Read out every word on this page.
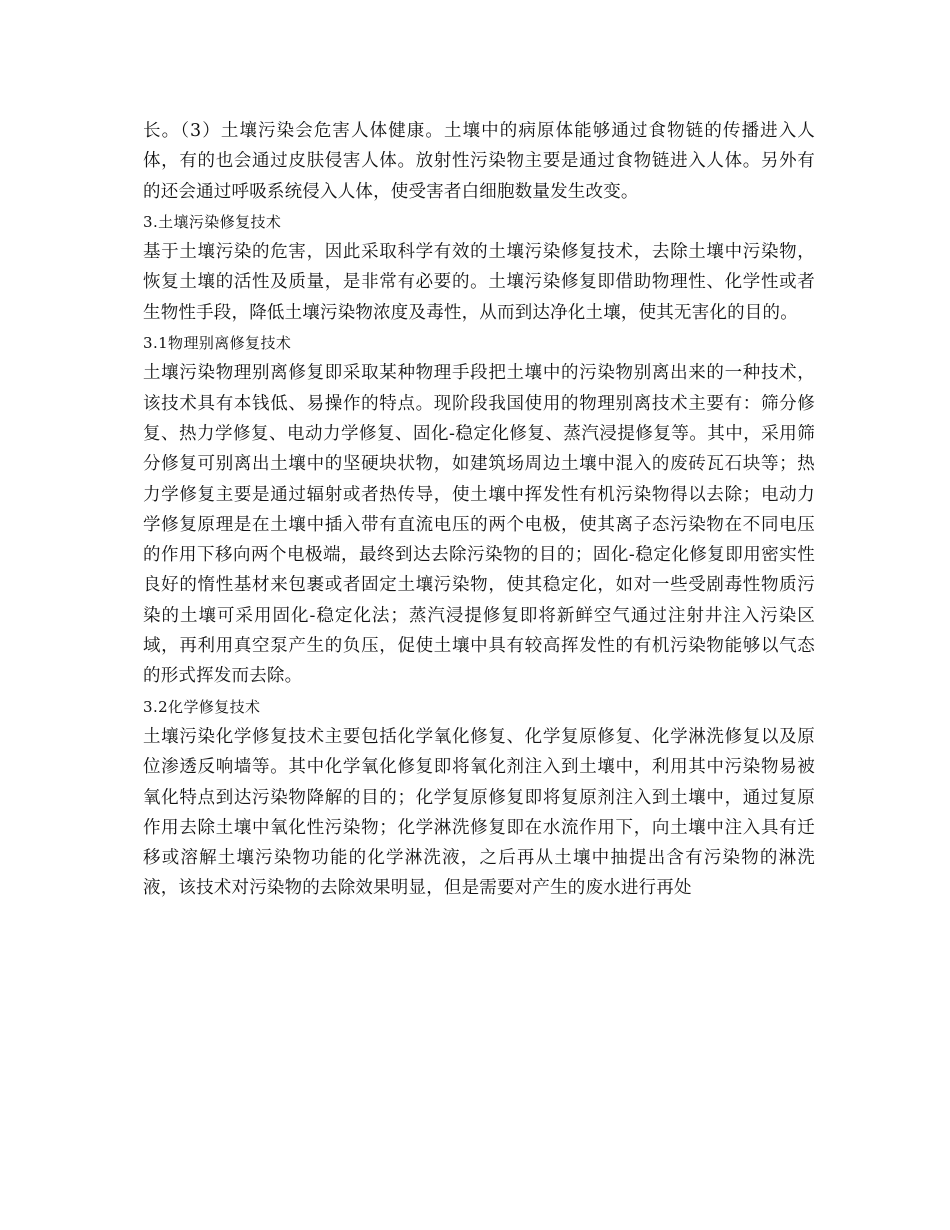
长。（3）土壤污染会危害人体健康。土壤中的病原体能够通过食物链的传播进入人体，有的也会通过皮肤侵害人体。放射性污染物主要是通过食物链进入人体。另外有的还会通过呼吸系统侵入人体，使受害者白细胞数量发生改变。

3.土壤污染修复技术

基于土壤污染的危害，因此采取科学有效的土壤污染修复技术，去除土壤中污染物，恢复土壤的活性及质量，是非常有必要的。土壤污染修复即借助物理性、化学性或者生物性手段，降低土壤污染物浓度及毒性，从而到达净化土壤，使其无害化的目的。

3.1物理别离修复技术

土壤污染物理别离修复即采取某种物理手段把土壤中的污染物别离出来的一种技术，该技术具有本钱低、易操作的特点。现阶段我国使用的物理别离技术主要有：筛分修复、热力学修复、电动力学修复、固化-稳定化修复、蒸汽浸提修复等。其中，采用筛分修复可别离出土壤中的坚硬块状物，如建筑场周边土壤中混入的废砖瓦石块等；热力学修复主要是通过辐射或者热传导，使土壤中挥发性有机污染物得以去除；电动力学修复原理是在土壤中插入带有直流电压的两个电极，使其离子态污染物在不同电压的作用下移向两个电极端，最终到达去除污染物的目的；固化-稳定化修复即用密实性良好的惰性基材来包裹或者固定土壤污染物，使其稳定化，如对一些受剧毒性物质污染的土壤可采用固化-稳定化法；蒸汽浸提修复即将新鲜空气通过注射井注入污染区域，再利用真空泵产生的负压，促使土壤中具有较高挥发性的有机污染物能够以气态的形式挥发而去除。

3.2化学修复技术

土壤污染化学修复技术主要包括化学氧化修复、化学复原修复、化学淋洗修复以及原位渗透反响墙等。其中化学氧化修复即将氧化剂注入到土壤中，利用其中污染物易被氧化特点到达污染物降解的目的；化学复原修复即将复原剂注入到土壤中，通过复原作用去除土壤中氧化性污染物；化学淋洗修复即在水流作用下，向土壤中注入具有迁移或溶解土壤污染物功能的化学淋洗液，之后再从土壤中抽提出含有污染物的淋洗液，该技术对污染物的去除效果明显，但是需要对产生的废水进行再处
